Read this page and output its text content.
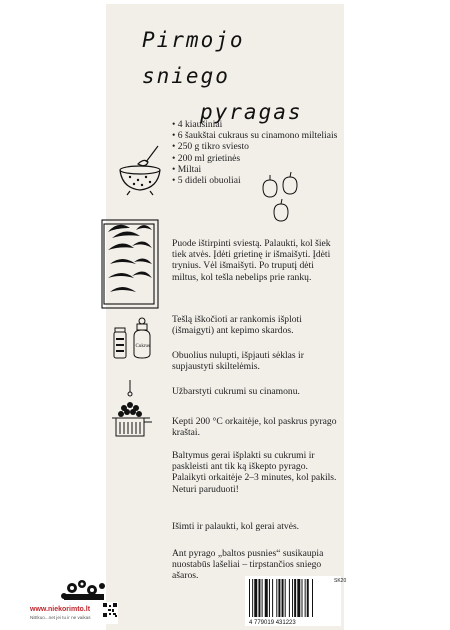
Pirmojo sniego
pyragas
• 4 kiaušiniai
• 6 šaukštai cukraus su cinamono milteliais
• 250 g tikro sviesto
• 200 ml grietinės
• Miltai
• 5 dideli obuoliai

Puode ištirpinti sviestą. Palaukti, kol šiek tiek atvės. Įdėti grietinę ir išmaišyti. Įdėti trynius. Vėl išmaišyti. Po truputį dėti miltus, kol tešla nebelips prie rankų.

Tešlą iškočioti ar rankomis išploti (išmaigyti) ant kepimo skardos.

Cukrus

Obuolius nulupti, išpjauti sėklas ir supjaustyti skiltelėmis.

Užbarstyti cukrumi su cinamonu.

Kepti 200 °C orkaitėje, kol paskrus pyrago kraštai.

Baltymus gerai išplakti su cukrumi ir paskleisti ant tik ką iškepto pyrago. Palaikyti orkaitėje 2–3 minutes, kol pakils. Neturi paruduoti!

Išimti ir palaukti, kol gerai atvės.

Ant pyrago „baltos pusnies“ susikaupia nuostabūs lašeliai – tirpstančios sniego ašaros.

4 779019 431223
SK20
www.niekorimto.lt
NiEkuo...net jei tu ir ne vaikas
